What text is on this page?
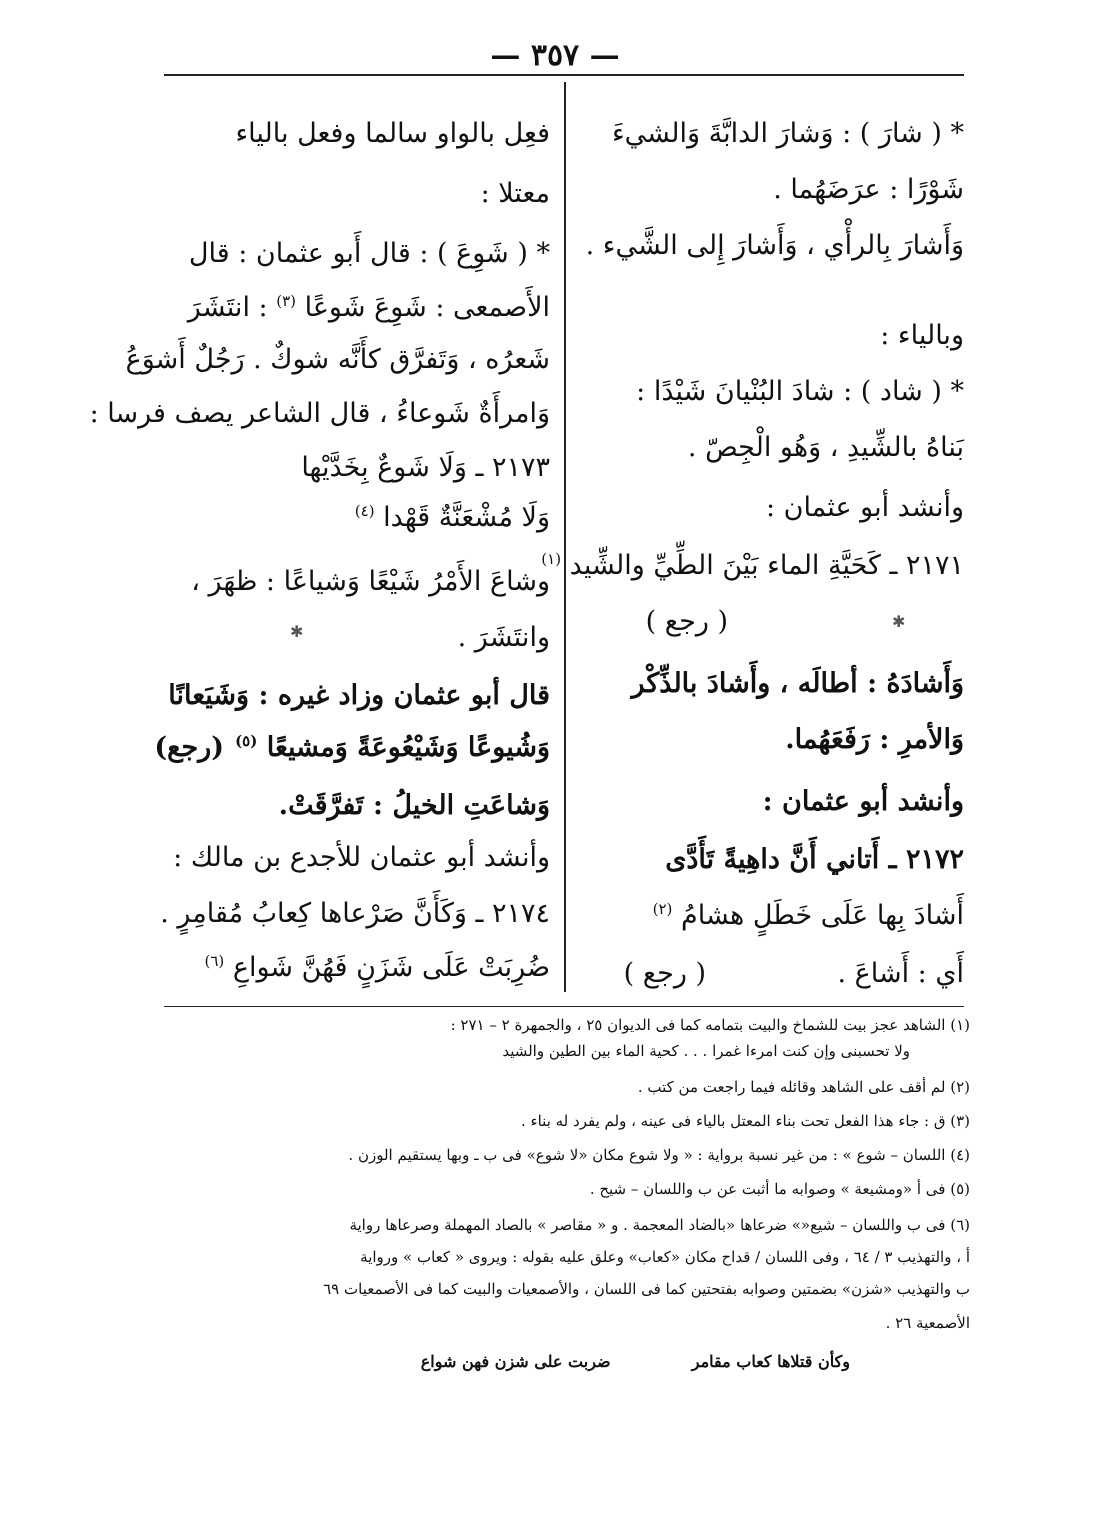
— ٣٥٧ —
* ( شارَ ) : وَشارَ الدابَّةَ وَالشيءَ
شَوْرًا : عرَضَهُما .
وَأَشارَ بِالرأْي ، وَأَشارَ إِلى الشَّيء .
وبالياء :
* ( شاد ) : شادَ البُنْيانَ شَيْدًا :
بَناهُ بالشِّيدِ ، وَهُو الْجِصّ .
وأنشد أبو عثمان :
٢١٧١ ـ كَحَيَّةِ الماء بَيْنَ الطِّيِّ والشِّيد $^{(١)}$
( رجع )
وَأَشادَهُ : أطالَه ، وأَشادَ بالذِّكْر
وَالأمرِ : رَفَعَهُما.
وأنشد أبو عثمان :
٢١٧٢ ـ أَتاني أَنَّ داهِيةً تَأَدَّى
أَشادَ بِها عَلَى خَطَلٍ هشامُ $^{(٢)}$
أَي : أَشاعَ .
( رجع )
فعِل بالواو سالما وفعل بالياء
معتلا :
* ( شَوِعَ ) : قال أَبو عثمان : قال
الأَصمعى : شَوِعَ شَوعًا $^{(٣)}$ : انتَشَرَ
شَعرُه ، وَتَفرَّق كأَنَّه شوكٌ . رَجُلٌ أَشوَعُ
وَامرأَةٌ شَوعاءُ ، قال الشاعر يصف فرسا :
٢١٧٣ ـ وَلَا شَوعٌ بِخَدَّيْها
وَلَا مُشْعَنَّةٌ قَهْدا $^{(٤)}$
وشاعَ الأَمْرُ شَيْعًا وَشياعًا : ظهَرَ ،
وانتَشَرَ .
قال أبو عثمان وزاد غيره : وَشَيَعانًا
وَشُيوعًا وَشَيْعُوعَةً وَمشيعًا $^{(٥)}$
(رجع)
وَشاعَتِ الخيلُ : تَفرَّقَتْ.
وأنشد أبو عثمان للأجدع بن مالك :
٢١٧٤ ـ وَكَأَنَّ صَرْعاها كِعابُ مُقامِرٍ .
ضُرِبَتْ عَلَى شَزَنٍ فَهُنَّ شَواعِ $^{(٦)}$
✱
✱
(١) الشاهد عجز بيت للشماخ والبيت بتمامه كما فى الديوان ٢٥ ، والجمهرة ٢ – ٢٧١ :
ولا تحسبنى وإن كنت امرءا غمرا . . . كحية الماء بين الطين والشيد
(٢) لم أقف على الشاهد وقائله فيما راجعت من كتب .
(٣) ق : جاء هذا الفعل تحت بناء المعتل بالياء فى عينه ، ولم يفرد له بناء .
(٤) اللسان – شوع » : من غير نسبة برواية : « ولا شوع مكان «لا شوع» فى ب ـ وبها يستقيم الوزن .
(٥) فى أ «ومشيعة » وصوابه ما أثبت عن ب واللسان – شيح .
(٦) فى ب واللسان – شيع«» ضرعاها «بالضاد المعجمة . و « مقاصر » بالصاد المهملة وصرعاها رواية
أ ، والتهذيب ٣ / ٦٤ ، وفى اللسان / قداح مكان «كعاب» وعلق عليه بقوله : ويروى « كعاب » ورواية
ب والتهذيب «شزن» بضمتين وصوابه بفتحتين كما فى اللسان ، والأصمعيات والبيت كما فى الأصمعيات ٦٩
الأصمعية ٢٦ .
وكأن قتلاها كعاب مقامر  ضربت على شزن فهن شواع
